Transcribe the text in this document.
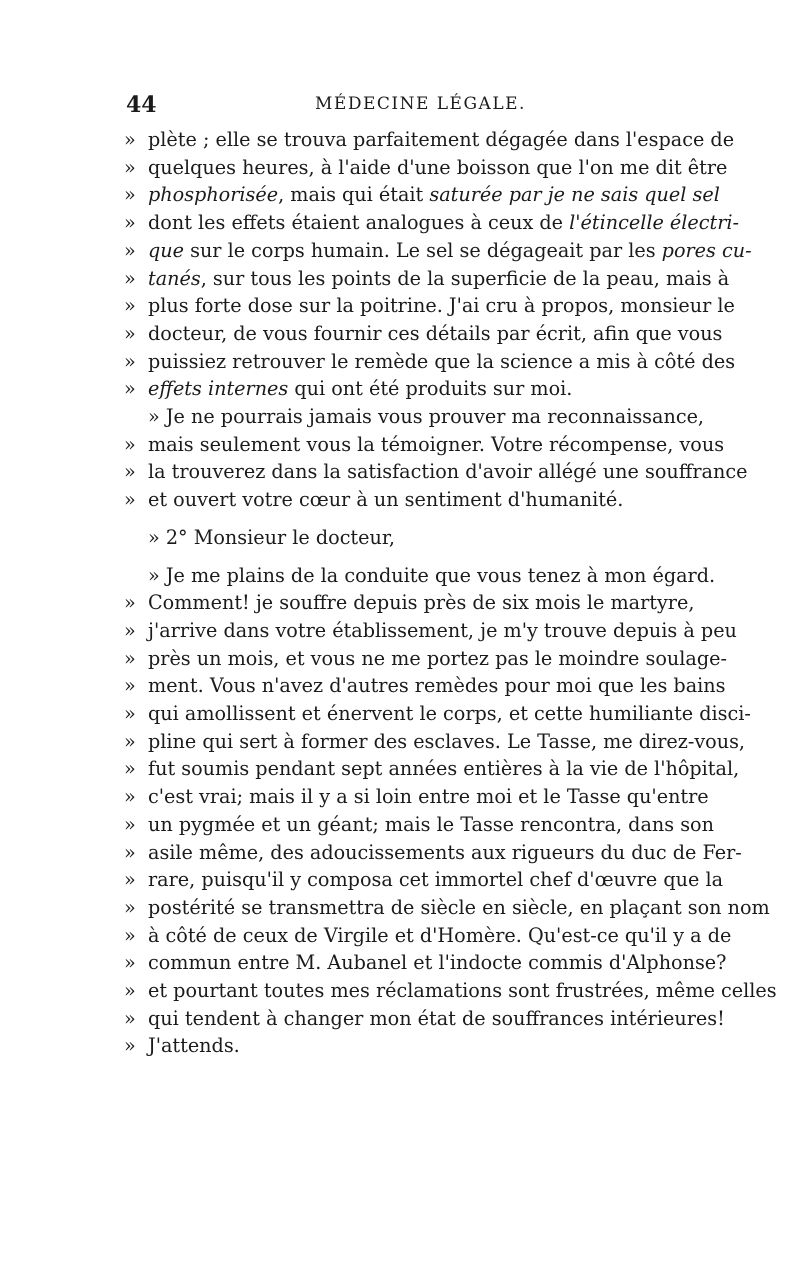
44	MÉDECINE LÉGALE.
» plète ; elle se trouva parfaitement dégagée dans l'espace de
» quelques heures, à l'aide d'une boisson que l'on me dit être
» phosphorisée, mais qui était saturée par je ne sais quel sel
» dont les effets étaient analogues à ceux de l'étincelle électri-
» que sur le corps humain. Le sel se dégageait par les pores cu-
» tanés, sur tous les points de la superficie de la peau, mais à
» plus forte dose sur la poitrine. J'ai cru à propos, monsieur le
» docteur, de vous fournir ces détails par écrit, afin que vous
» puissiez retrouver le remède que la science a mis à côté des
» effets internes qui ont été produits sur moi.
» Je ne pourrais jamais vous prouver ma reconnaissance,
» mais seulement vous la témoigner. Votre récompense, vous
» la trouverez dans la satisfaction d'avoir allégé une souffrance
» et ouvert votre cœur à un sentiment d'humanité.
» 2° Monsieur le docteur,
» Je me plains de la conduite que vous tenez à mon égard.
» Comment! je souffre depuis près de six mois le martyre,
» j'arrive dans votre établissement, je m'y trouve depuis à peu
» près un mois, et vous ne me portez pas le moindre soulage-
» ment. Vous n'avez d'autres remèdes pour moi que les bains
» qui amollissent et énervent le corps, et cette humiliante disci-
» pline qui sert à former des esclaves. Le Tasse, me direz-vous,
» fut soumis pendant sept années entières à la vie de l'hôpital,
» c'est vrai; mais il y a si loin entre moi et le Tasse qu'entre
» un pygmée et un géant; mais le Tasse rencontra, dans son
» asile même, des adoucissements aux rigueurs du duc de Fer-
» rare, puisqu'il y composa cet immortel chef d'œuvre que la
» postérité se transmettra de siècle en siècle, en plaçant son nom
» à côté de ceux de Virgile et d'Homère. Qu'est-ce qu'il y a de
» commun entre M. Aubanel et l'indocte commis d'Alphonse?
» et pourtant toutes mes réclamations sont frustrées, même celles
» qui tendent à changer mon état de souffrances intérieures!
» J'attends.
